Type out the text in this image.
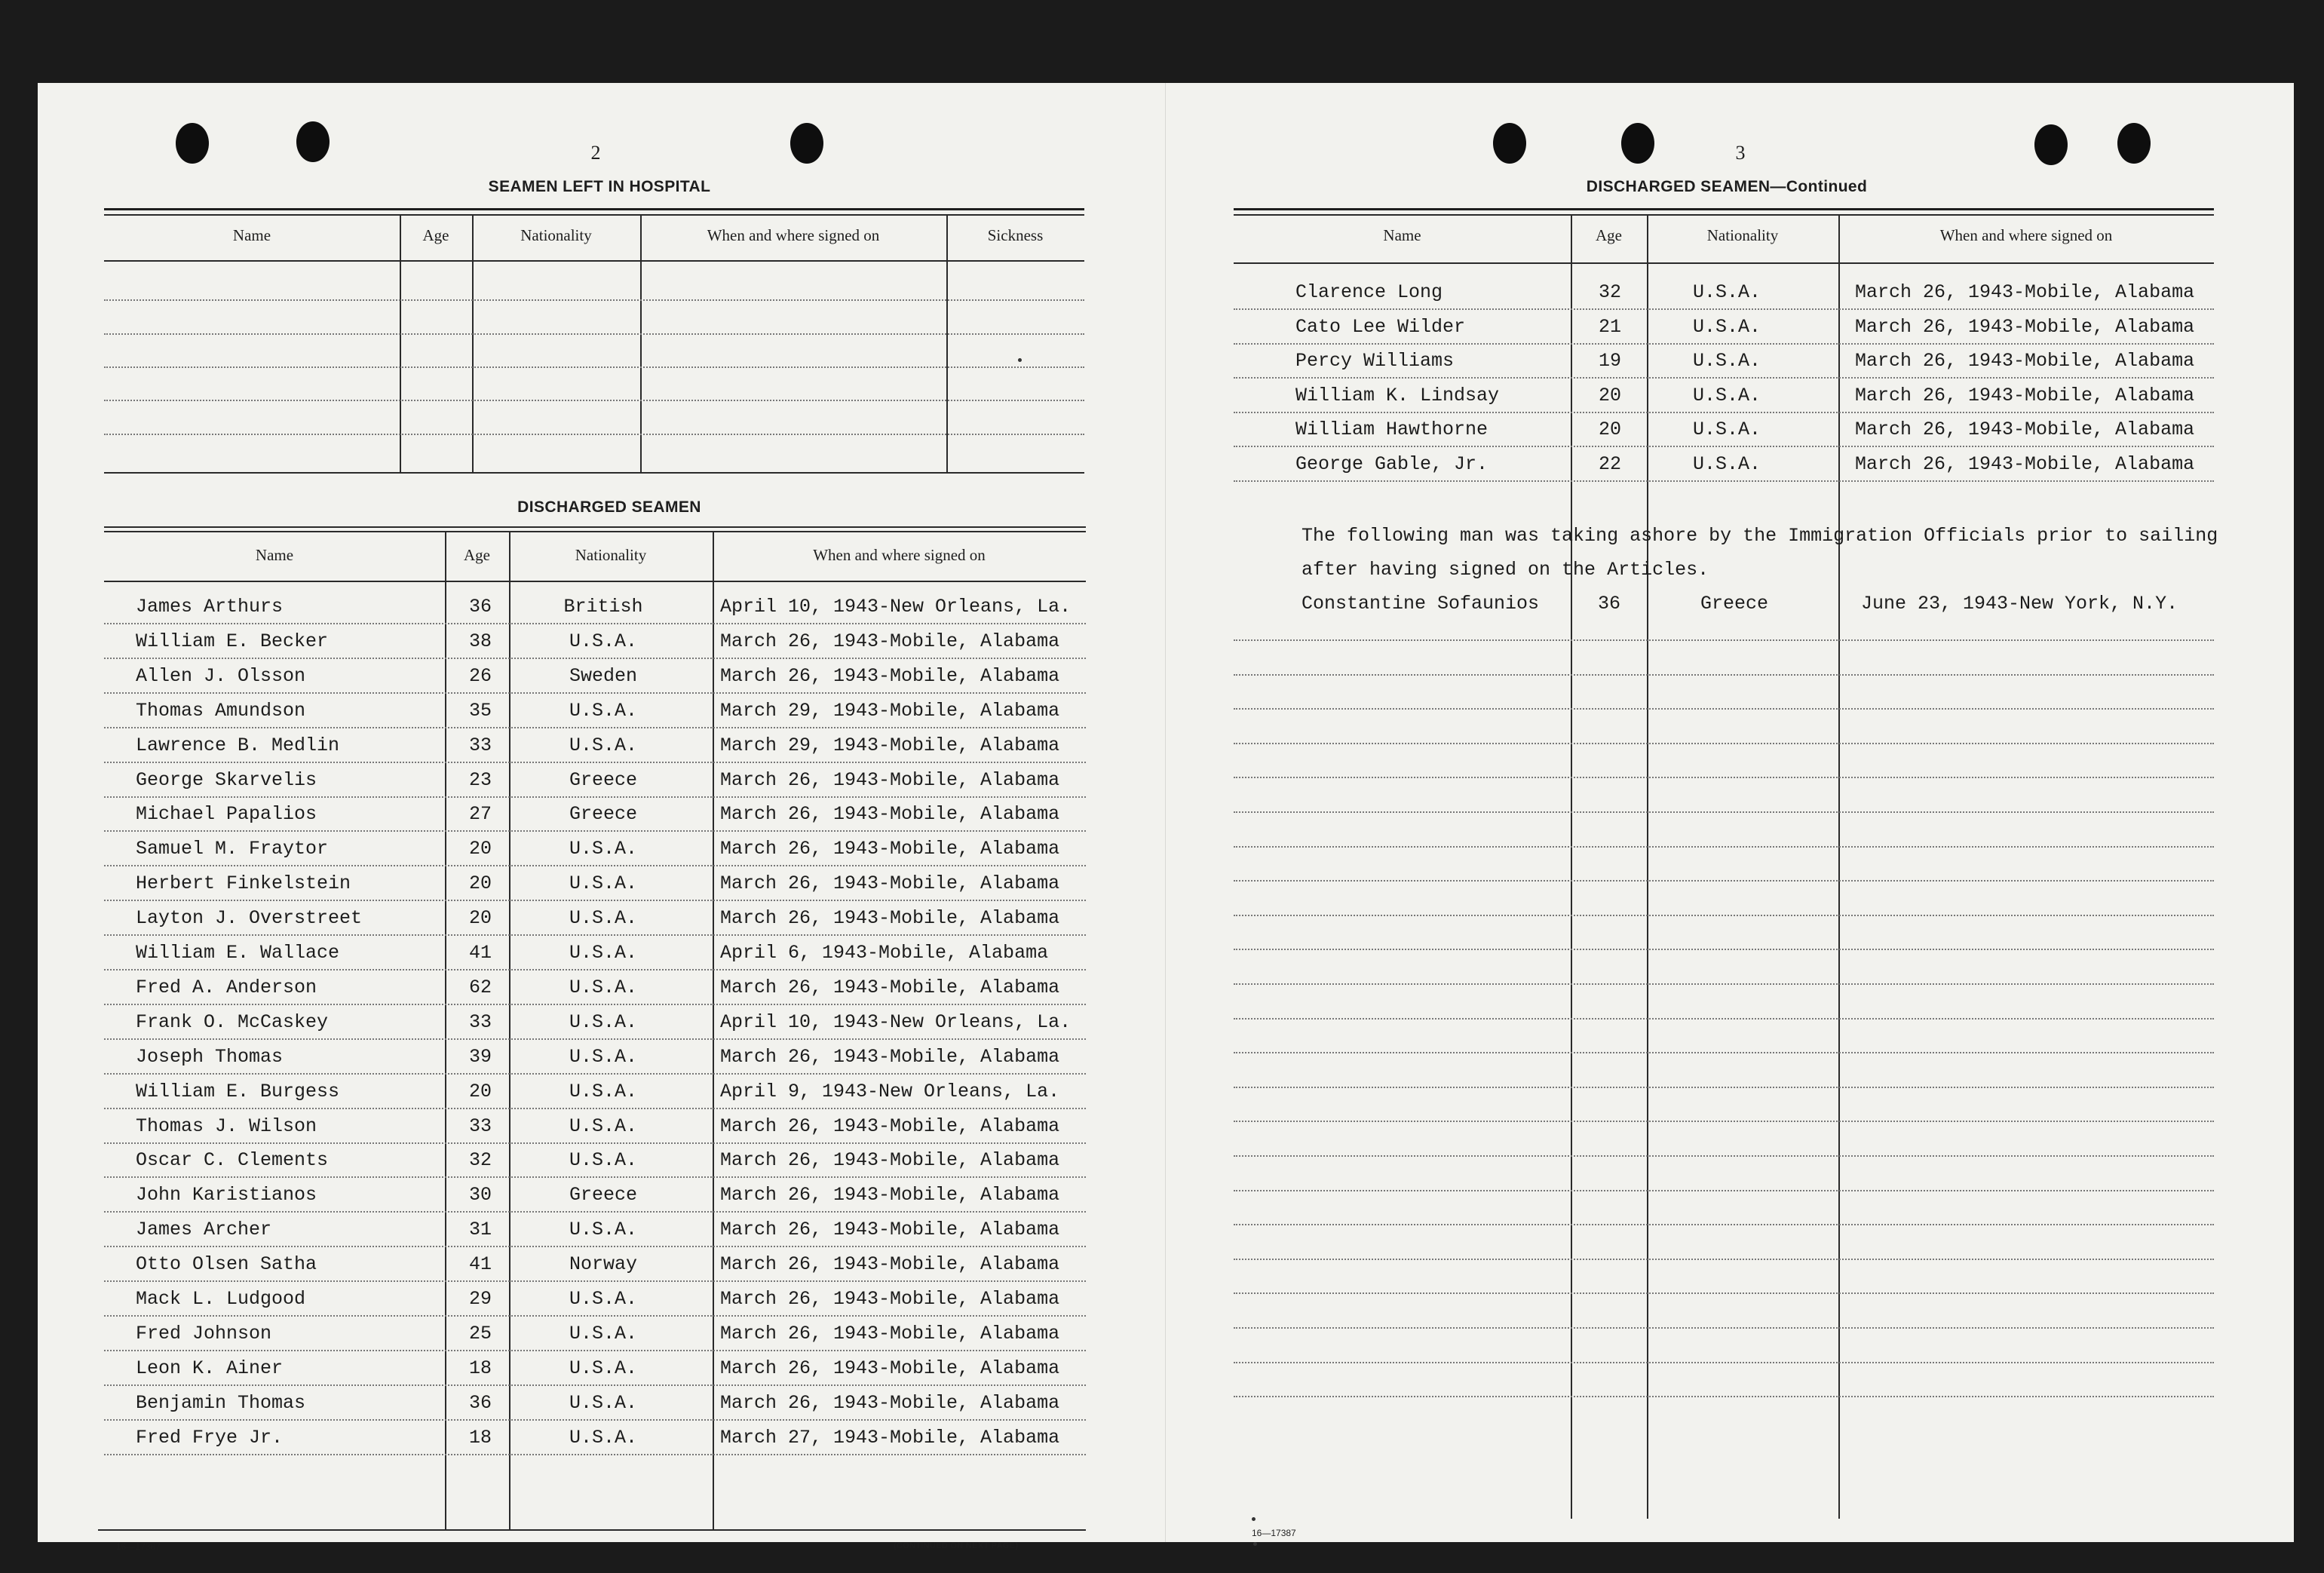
2
SEAMEN LEFT IN HOSPITAL
Name	Age	Nationality	When and where signed on	Sickness
DISCHARGED SEAMEN
Name	Age	Nationality	When and where signed on
James Arthurs	36	British	April 10, 1943-New Orleans, La.
William E. Becker	38	U.S.A.	March 26, 1943-Mobile, Alabama
Allen J. Olsson	26	Sweden	March 26, 1943-Mobile, Alabama
Thomas Amundson	35	U.S.A.	March 29, 1943-Mobile, Alabama
Lawrence B. Medlin	33	U.S.A.	March 29, 1943-Mobile, Alabama
George Skarvelis	23	Greece	March 26, 1943-Mobile, Alabama
Michael Papalios	27	Greece	March 26, 1943-Mobile, Alabama
Samuel M. Fraytor	20	U.S.A.	March 26, 1943-Mobile, Alabama
Herbert Finkelstein	20	U.S.A.	March 26, 1943-Mobile, Alabama
Layton J. Overstreet	20	U.S.A.	March 26, 1943-Mobile, Alabama
William E. Wallace	41	U.S.A.	April 6, 1943-Mobile, Alabama
Fred A. Anderson	62	U.S.A.	March 26, 1943-Mobile, Alabama
Frank O. McCaskey	33	U.S.A.	April 10, 1943-New Orleans, La.
Joseph Thomas	39	U.S.A.	March 26, 1943-Mobile, Alabama
William E. Burgess	20	U.S.A.	April 9, 1943-New Orleans, La.
Thomas J. Wilson	33	U.S.A.	March 26, 1943-Mobile, Alabama
Oscar C. Clements	32	U.S.A.	March 26, 1943-Mobile, Alabama
John Karistianos	30	Greece	March 26, 1943-Mobile, Alabama
James Archer	31	U.S.A.	March 26, 1943-Mobile, Alabama
Otto Olsen Satha	41	Norway	March 26, 1943-Mobile, Alabama
Mack L. Ludgood	29	U.S.A.	March 26, 1943-Mobile, Alabama
Fred Johnson	25	U.S.A.	March 26, 1943-Mobile, Alabama
Leon K. Ainer	18	U.S.A.	March 26, 1943-Mobile, Alabama
Benjamin Thomas	36	U.S.A.	March 26, 1943-Mobile, Alabama
Fred Frye Jr.	18	U.S.A.	March 27, 1943-Mobile, Alabama
16—17387	(CONTINUED ON NEXT PAGE)
3
DISCHARGED SEAMEN—Continued
Name	Age	Nationality	When and where signed on
Clarence Long	32	U.S.A.	March 26, 1943-Mobile, Alabama
Cato Lee Wilder	21	U.S.A.	March 26, 1943-Mobile, Alabama
Percy Williams	19	U.S.A.	March 26, 1943-Mobile, Alabama
William K. Lindsay	20	U.S.A.	March 26, 1943-Mobile, Alabama
William Hawthorne	20	U.S.A.	March 26, 1943-Mobile, Alabama
George Gable, Jr.	22	U.S.A.	March 26, 1943-Mobile, Alabama
The following man was taking ashore by the Immigration Officials prior to sailing
after having signed on the Articles.
Constantine Sofaunios	36	Greece	June 23, 1943-New York, N.Y.
16—17387
